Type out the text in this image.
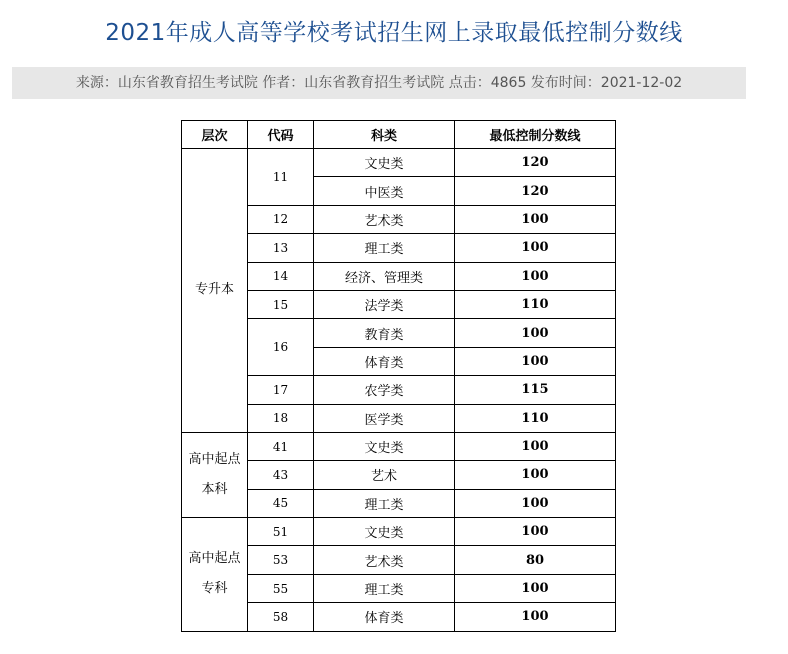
2021年成人高等学校考试招生网上录取最低控制分数线
来源：山东省教育招生考试院 作者：山东省教育招生考试院 点击：4865 发布时间：2021-12-02
层次	代码	科类	最低控制分数线

专升本	11	文史类	120
		中医类	120
	12	艺术类	100
	13	理工类	100
	14	经济、管理类	100
	15	法学类	110
	16	教育类	100
		体育类	100
	17	农学类	115
	18	医学类	110

高中起点
本科	41	文史类	100
	43	艺术	100
	45	理工类	100

高中起点
专科	51	文史类	100
	53	艺术类	80
	55	理工类	100
	58	体育类	100
